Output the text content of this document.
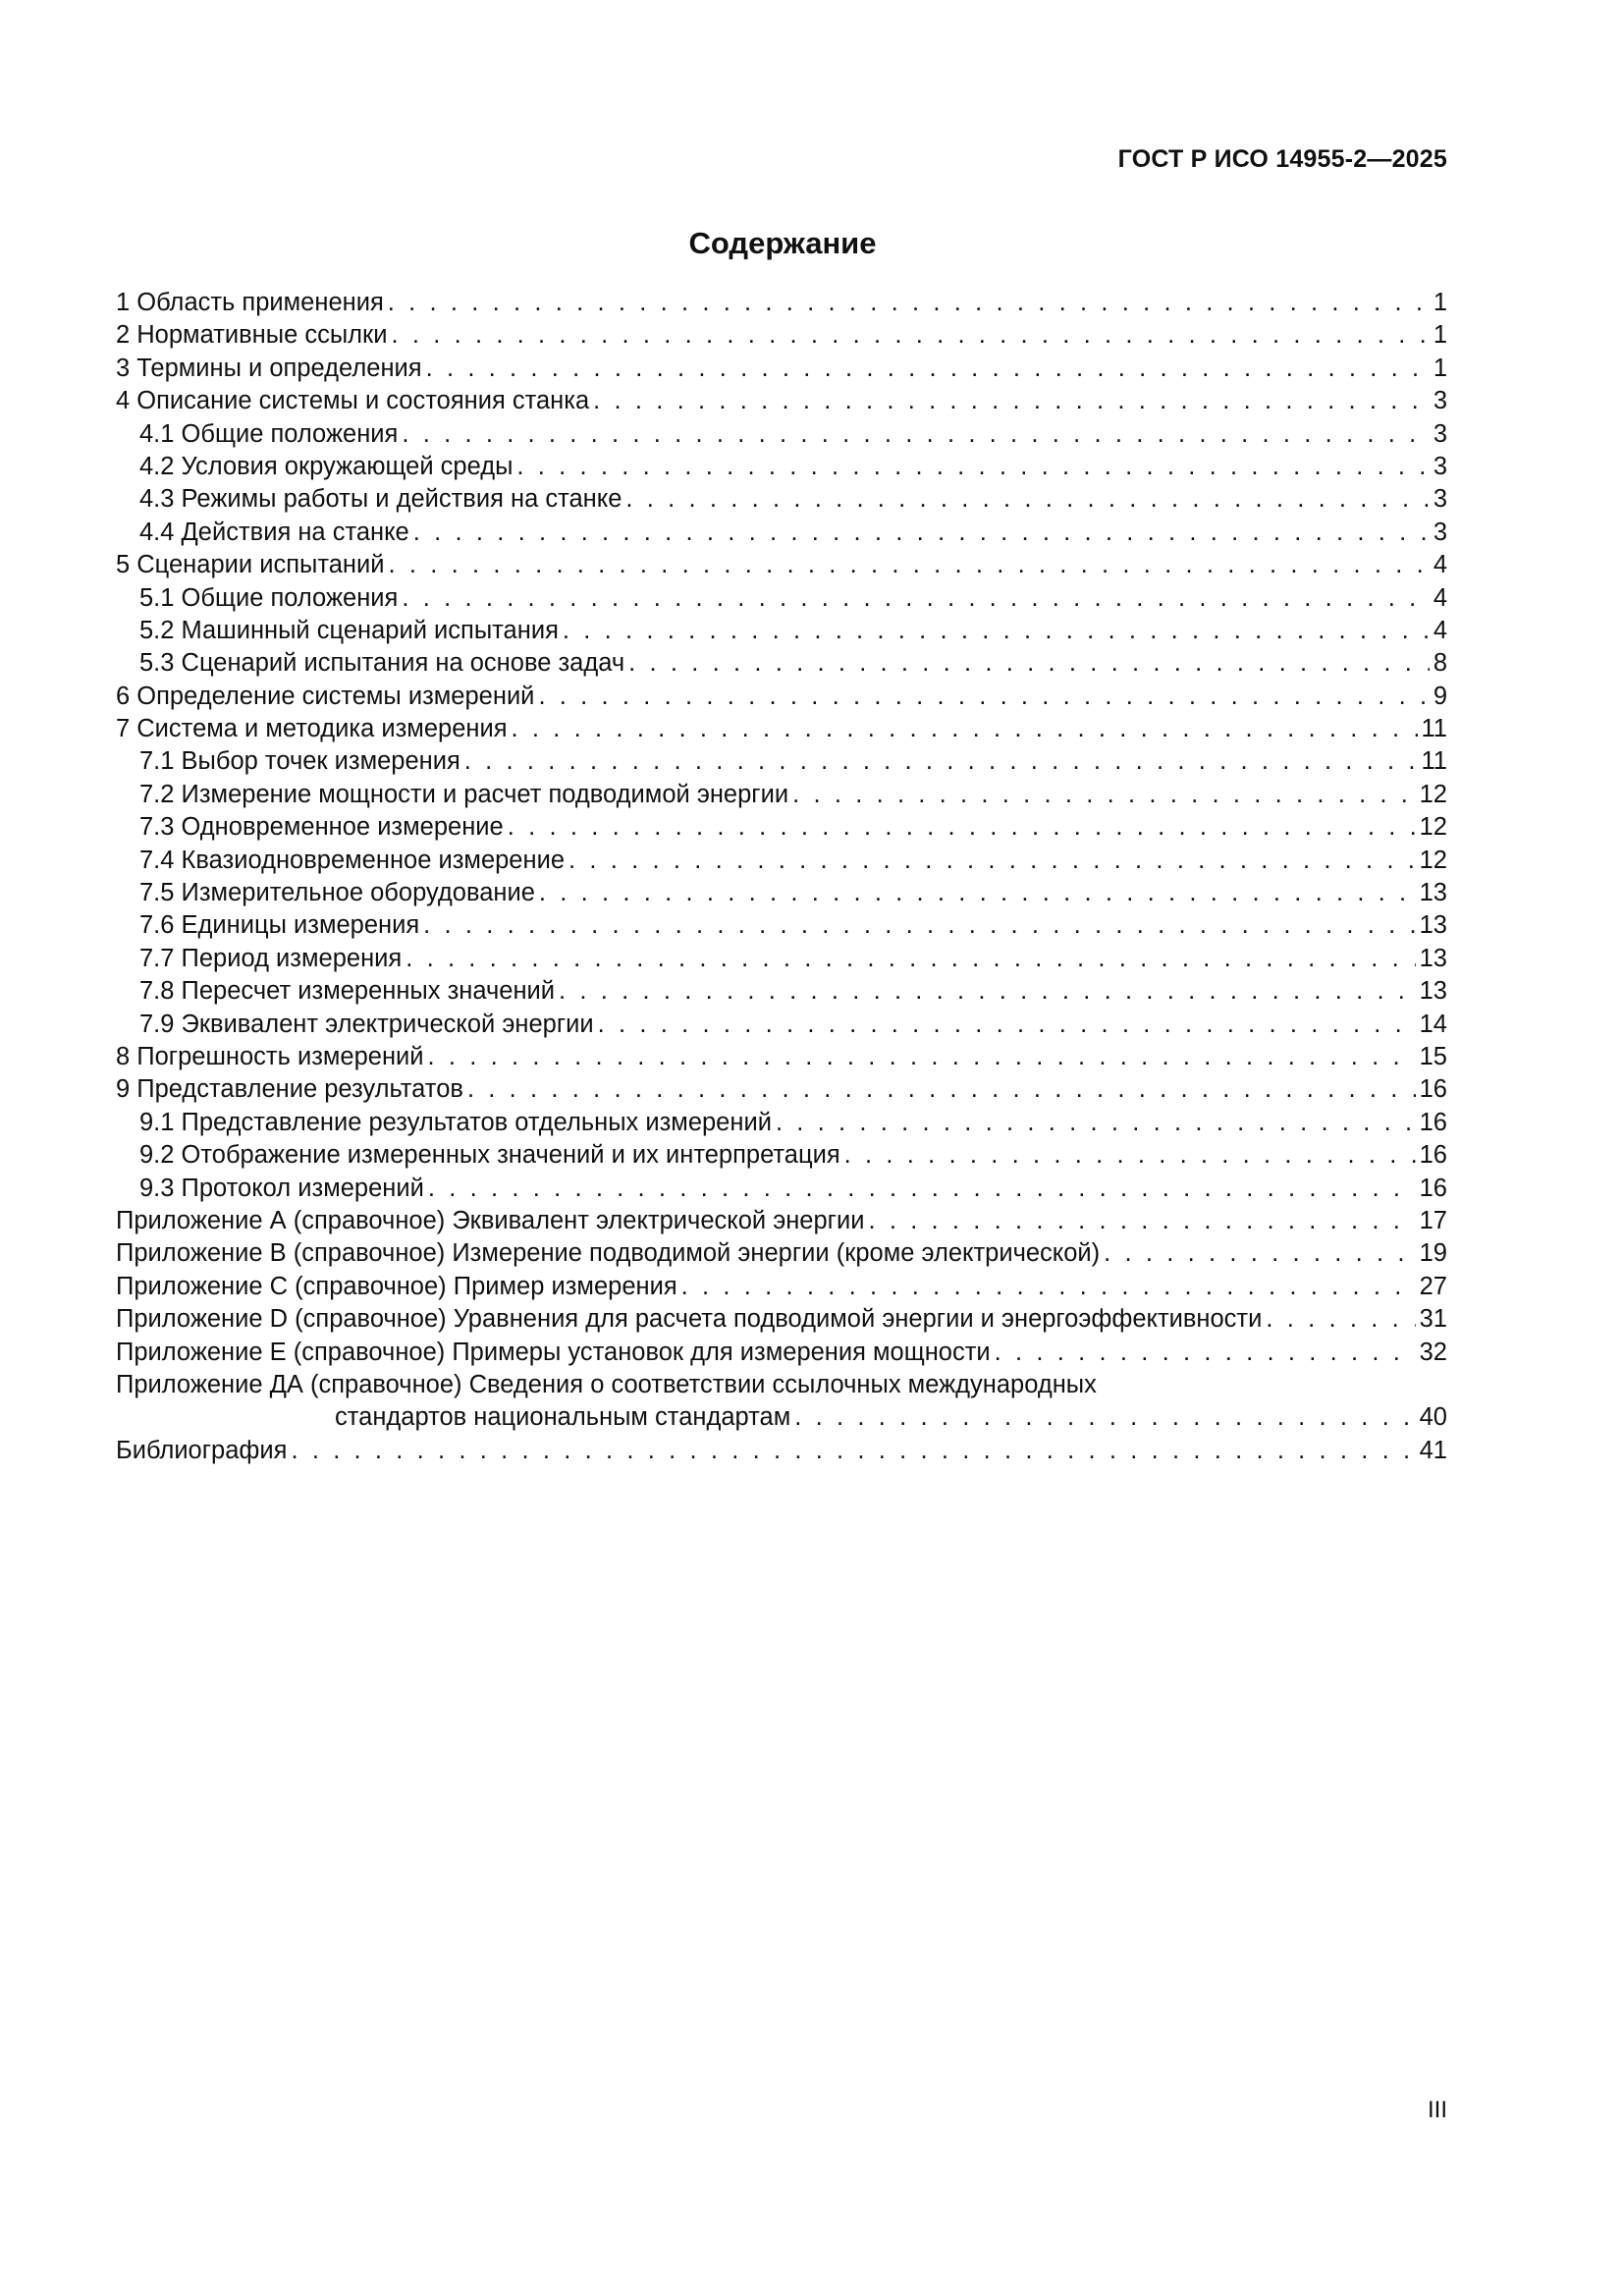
ГОСТ Р ИСО 14955-2—2025
Содержание
1 Область применения . . .	1
2 Нормативные ссылки . . .	1
3 Термины и определения . . .	1
4 Описание системы и состояния станка . . .	3
4.1 Общие положения . . .	3
4.2 Условия окружающей среды . . .	3
4.3 Режимы работы и действия на станке . . .	3
4.4 Действия на станке . . .	3
5 Сценарии испытаний . . .	4
5.1 Общие положения . . .	4
5.2 Машинный сценарий испытания . . .	4
5.3 Сценарий испытания на основе задач . . .	8
6 Определение системы измерений . . .	9
7 Система и методика измерения . . .	11
7.1 Выбор точек измерения . . .	11
7.2 Измерение мощности и расчет подводимой энергии . . .	12
7.3 Одновременное измерение . . .	12
7.4 Квазиодновременное измерение . . .	12
7.5 Измерительное оборудование . . .	13
7.6 Единицы измерения . . .	13
7.7 Период измерения . . .	13
7.8 Пересчет измеренных значений . . .	13
7.9 Эквивалент электрической энергии . . .	14
8 Погрешность измерений . . .	15
9 Представление результатов . . .	16
9.1 Представление результатов отдельных измерений . . .	16
9.2 Отображение измеренных значений и их интерпретация . . .	16
9.3 Протокол измерений . . .	16
Приложение А (справочное) Эквивалент электрической энергии . . .	17
Приложение В (справочное) Измерение подводимой энергии (кроме электрической) . . .	19
Приложение С (справочное) Пример измерения . . .	27
Приложение D (справочное) Уравнения для расчета подводимой энергии и энергоэффективности . . .	31
Приложение Е (справочное) Примеры установок для измерения мощности . . .	32
Приложение ДА (справочное) Сведения о соответствии ссылочных международных
стандартов национальным стандартам . . .	40
Библиография . . .	41
III
